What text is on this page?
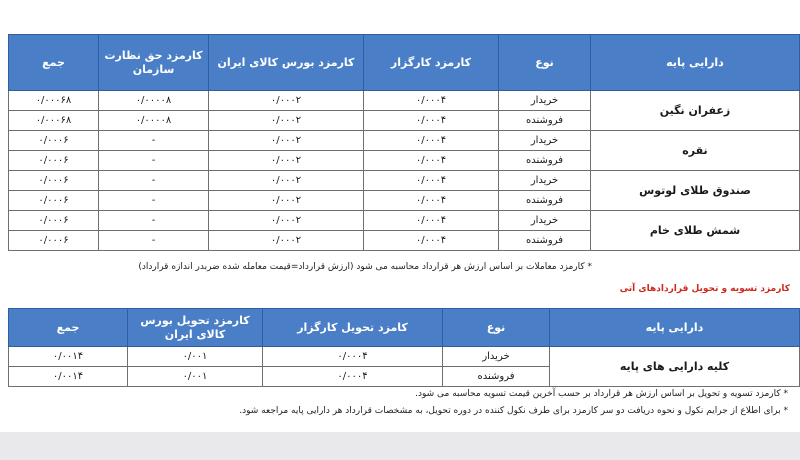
دارایی پایه	نوع	کارمزد کارگزار	کارمزد بورس کالای ایران	کارمزد حق نظارت سازمان	جمع
زعفران نگین	خریدار	۰/۰۰۰۴	۰/۰۰۰۲	۰/۰۰۰۰۸	۰/۰۰۰۶۸
	فروشنده	۰/۰۰۰۴	۰/۰۰۰۲	۰/۰۰۰۰۸	۰/۰۰۰۶۸
نقره	خریدار	۰/۰۰۰۴	۰/۰۰۰۲	-	۰/۰۰۰۶
	فروشنده	۰/۰۰۰۴	۰/۰۰۰۲	-	۰/۰۰۰۶
صندوق طلای لوتوس	خریدار	۰/۰۰۰۴	۰/۰۰۰۲	-	۰/۰۰۰۶
	فروشنده	۰/۰۰۰۴	۰/۰۰۰۲	-	۰/۰۰۰۶
شمش طلای خام	خریدار	۰/۰۰۰۴	۰/۰۰۰۲	-	۰/۰۰۰۶
	فروشنده	۰/۰۰۰۴	۰/۰۰۰۲	-	۰/۰۰۰۶
* کارمزد معاملات بر اساس ارزش هر قرارداد محاسبه می شود (ارزش قرارداد=قیمت معامله شده ضربدر اندازه قرارداد)
کارمزد تسویه و تحویل قراردادهای آتی
دارایی پایه	نوع	کامزد تحویل کارگزار	کارمزد تحویل بورس کالای ایران	جمع
کلیه دارایی های پایه	خریدار	۰/۰۰۰۴	۰/۰۰۱	۰/۰۰۱۴
	فروشنده	۰/۰۰۰۴	۰/۰۰۱	۰/۰۰۱۴
* کارمزد تسویه و تحویل بر اساس ارزش هر قرارداد بر حسب آخرین قیمت تسویه محاسبه می شود.
* برای اطلاع از جرایم نکول و نحوه دریافت دو سر کارمزد برای طرف نکول کننده در دوره تحویل، به مشخصات قرارداد هر دارایی پایه مراجعه شود.
